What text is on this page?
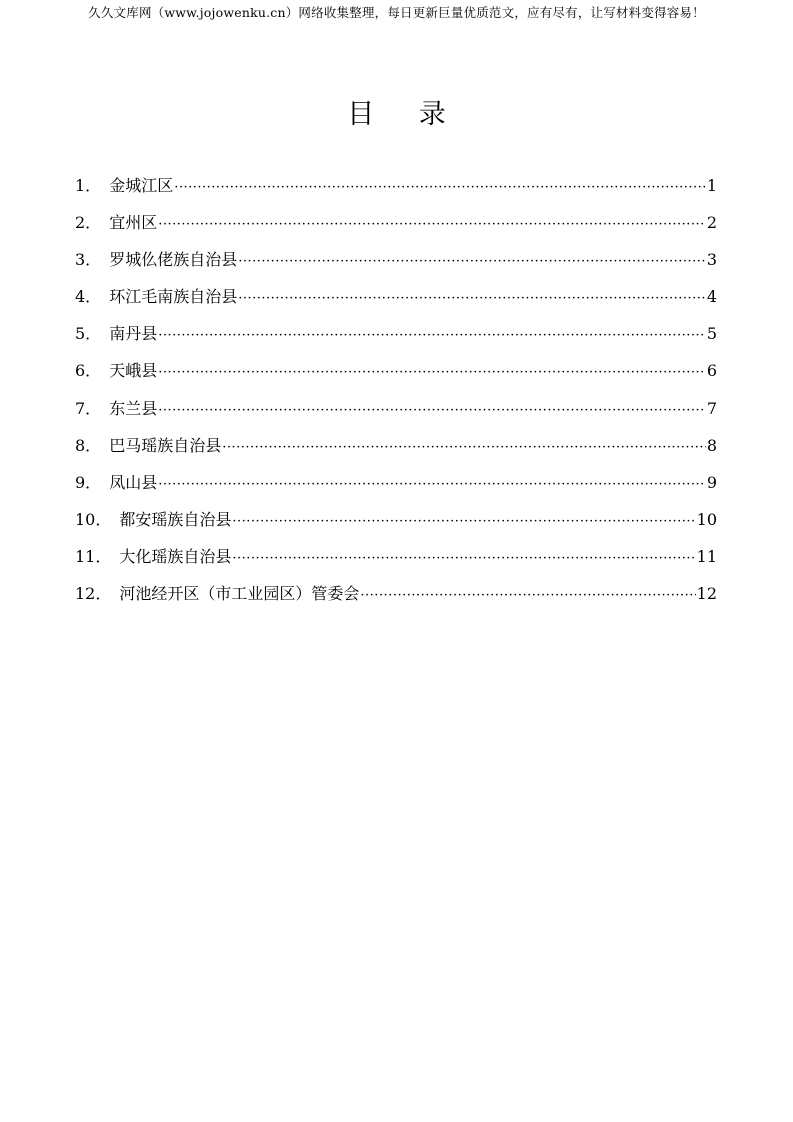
久久文库网（www.jojowenku.cn）网络收集整理，每日更新巨量优质范文，应有尽有，让写材料变得容易！
目 录
1． 金城江区 ·····	1
2． 宜州区 ·····	2
3． 罗城仫佬族自治县 ·····	3
4． 环江毛南族自治县 ·····	4
5． 南丹县 ·····	5
6． 天峨县 ·····	6
7． 东兰县 ·····	7
8． 巴马瑶族自治县 ·····	8
9． 凤山县 ·····	9
10． 都安瑶族自治县 ·····	10
11． 大化瑶族自治县 ·····	11
12． 河池经开区（市工业园区）管委会 ·····	12
